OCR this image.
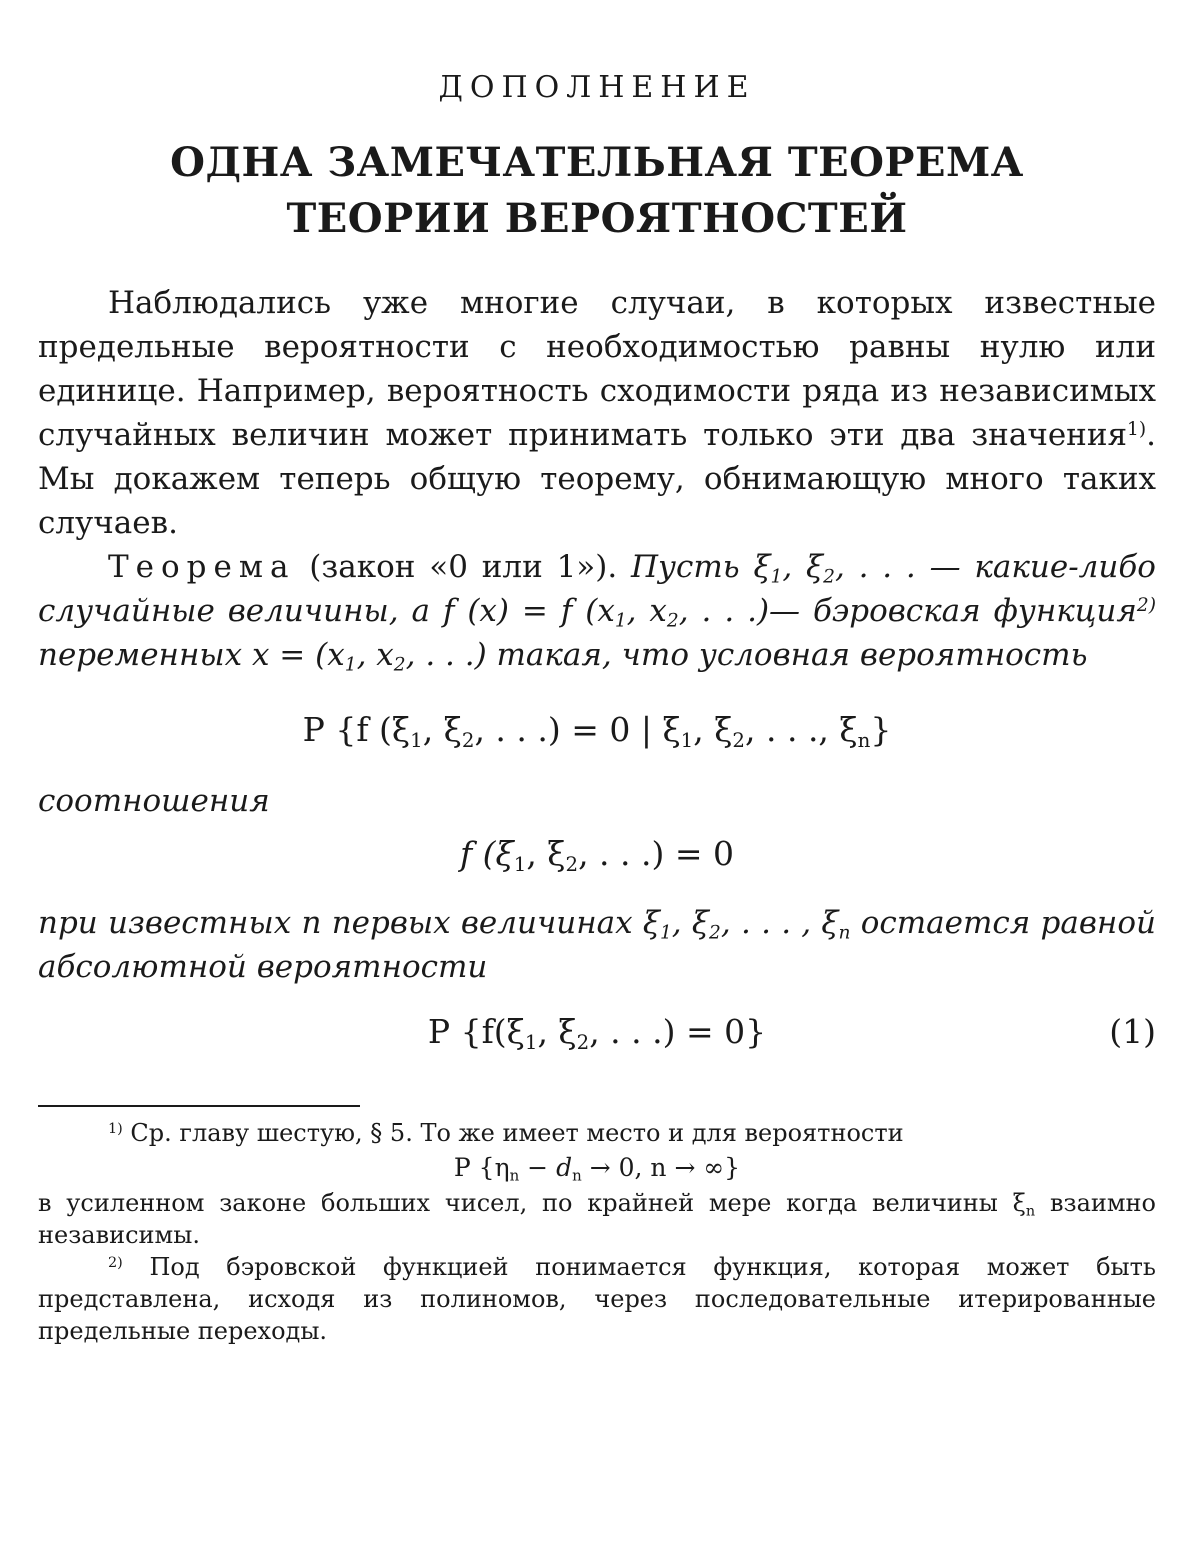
ДОПОЛНЕНИЕ
ОДНА ЗАМЕЧАТЕЛЬНАЯ ТЕОРЕМА
ТЕОРИИ ВЕРОЯТНОСТЕЙ

Наблюдались уже многие случаи, в которых известные предельные вероятности с необходимостью равны нулю или единице. Например, вероятность сходимости ряда из независимых случайных величин может принимать только эти два значения$^{1)}$. Мы докажем теперь общую теорему, обнимающую много таких случаев.
Теорема (закон «0 или 1»). Пусть $\xi_1$, $\xi_2$, . . . — какие-либо случайные величины, а f (x) = f ($x_1$, $x_2$, . . .)— бэровская функция$^{2)}$ переменных $x = (x_1$, $x_2$, . . .) такая, что условная вероятность

P {f ($\xi_1$, $\xi_2$, . . .) = 0 | $\xi_1$, $\xi_2$, . . ., $\xi_n$}

соотношения

f ($\xi_1$, $\xi_2$, . . .) = 0

при известных n первых величинах $\xi_1$, $\xi_2$, . . . , $\xi_n$ остается равной абсолютной вероятности

P {$f(\xi_1$, $\xi_2$, . . .) = 0}	(1)

$^{1)}$ Ср. главу шестую, § 5. То же имеет место и для вероятности

P {$\eta_n - d_n \to 0$, n → ∞}

в усиленном законе больших чисел, по крайней мере когда величины $\xi_n$ взаимно независимы.

$^{2)}$ Под бэровской функцией понимается функция, которая может быть представлена, исходя из полиномов, через последовательные итерированные предельные переходы.
